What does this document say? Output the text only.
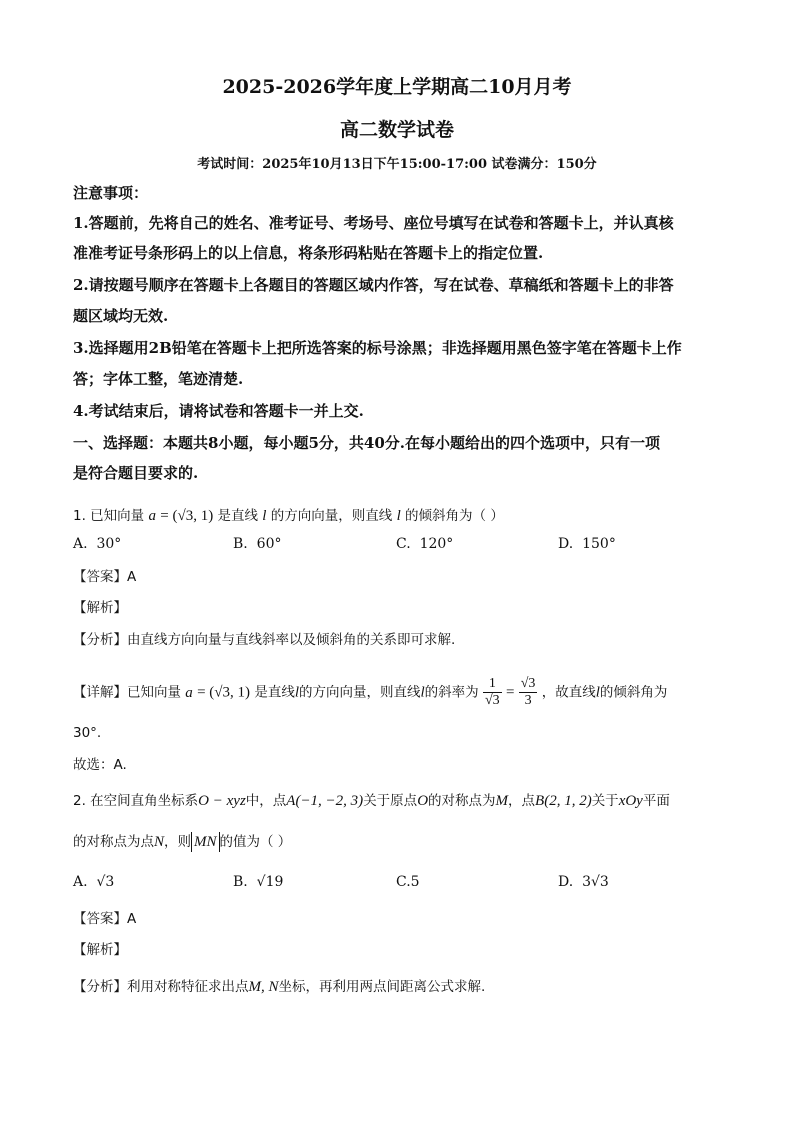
2025-2026学年度上学期高二10月月考
高二数学试卷
考试时间：2025年10月13日下午15:00-17:00 试卷满分：150分
注意事项：
1.答题前，先将自己的姓名、准考证号、考场号、座位号填写在试卷和答题卡上，并认真核
准准考证号条形码上的以上信息，将条形码粘贴在答题卡上的指定位置.
2.请按题号顺序在答题卡上各题目的答题区域内作答，写在试卷、草稿纸和答题卡上的非答
题区域均无效.
3.选择题用2B铅笔在答题卡上把所选答案的标号涂黑；非选择题用黑色签字笔在答题卡上作
答；字体工整，笔迹清楚.
4.考试结束后，请将试卷和答题卡一并上交.
一、选择题：本题共8小题，每小题5分，共40分.在每小题给出的四个选项中，只有一项
是符合题目要求的.
1. 已知向量 a = (√3, 1) 是直线 l 的方向向量，则直线 l 的倾斜角为（ ）
A. 30°	B. 60°	C. 120°	D. 150°
【答案】A
【解析】
【分析】由直线方向向量与直线斜率以及倾斜角的关系即可求解.
【详解】已知向量 a = (√3, 1) 是直线l的方向向量，则直线l的斜率为 $\frac{1}{√3} = \frac{√3}{3}$ ，故直线l的倾斜角为
30°.
故选：A.
2. 在空间直角坐标系O − xyz中，点A(−1, −2, 3)关于原点O的对称点为M，点B(2, 1, 2)关于xOy平面
的对称点为点N，则 MN 的值为（ ）
A. √3	B. √19	C.5	D. 3√3
【答案】A
【解析】
【分析】利用对称特征求出点M, N坐标，再利用两点间距离公式求解.
